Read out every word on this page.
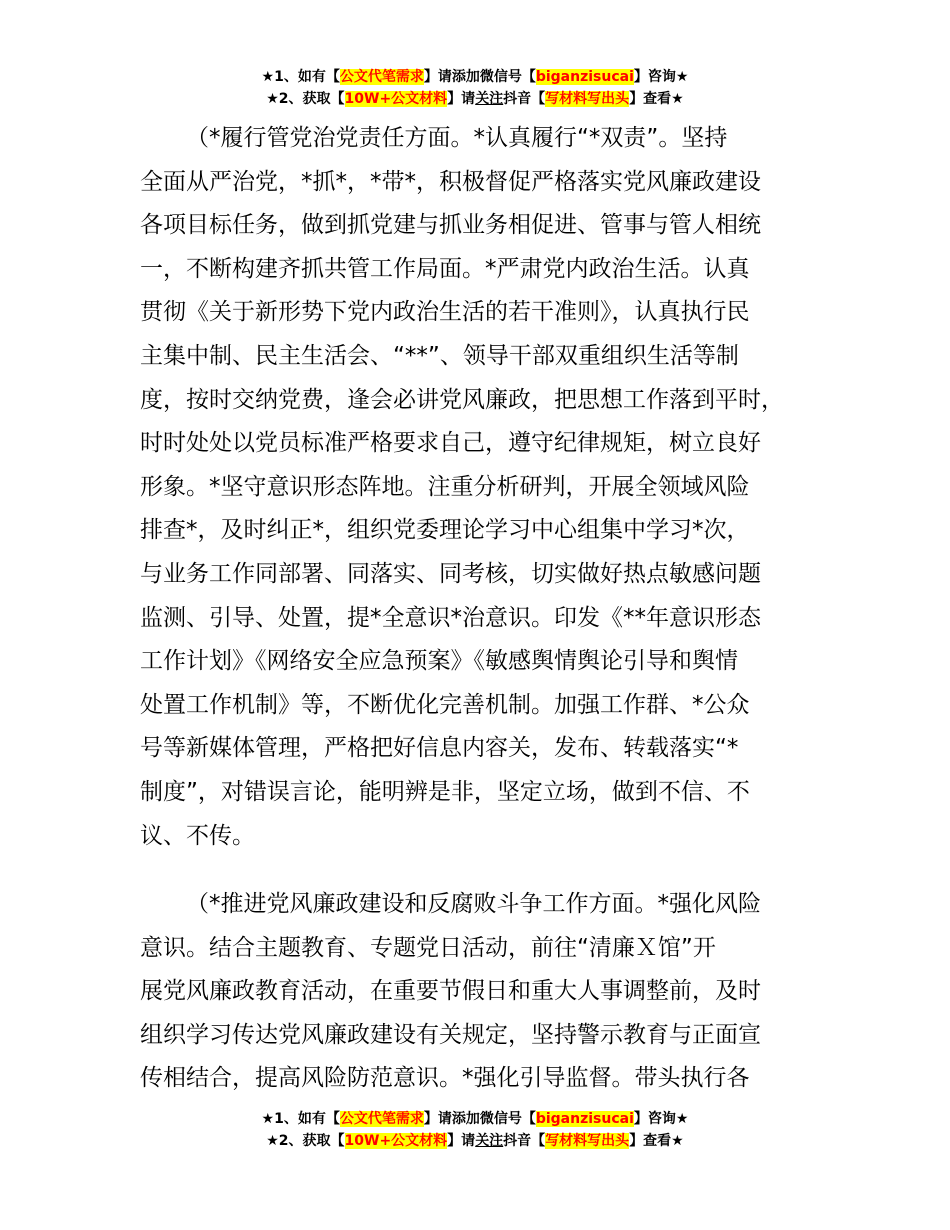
★1、如有【公文代笔需求】请添加微信号【biganzisucai】咨询★
★2、获取【10W+公文材料】请关注抖音【写材料写出头】查看★
（*履行管党治党责任方面。*认真履行“*双责”。坚持
全面从严治党，*抓*，*带*，积极督促严格落实党风廉政建设
各项目标任务，做到抓党建与抓业务相促进、管事与管人相统
一，不断构建齐抓共管工作局面。*严肃党内政治生活。认真
贯彻《关于新形势下党内政治生活的若干准则》，认真执行民
主集中制、民主生活会、“**”、领导干部双重组织生活等制
度，按时交纳党费，逢会必讲党风廉政，把思想工作落到平时，
时时处处以党员标准严格要求自己，遵守纪律规矩，树立良好
形象。*坚守意识形态阵地。注重分析研判，开展全领域风险
排查*，及时纠正*，组织党委理论学习中心组集中学习*次，
与业务工作同部署、同落实、同考核，切实做好热点敏感问题
监测、引导、处置，提*全意识*治意识。印发《**年意识形态
工作计划》《网络安全应急预案》《敏感舆情舆论引导和舆情
处置工作机制》等，不断优化完善机制。加强工作群、*公众
号等新媒体管理，严格把好信息内容关，发布、转载落实“*
制度”，对错误言论，能明辨是非，坚定立场，做到不信、不
议、不传。
（*推进党风廉政建设和反腐败斗争工作方面。*强化风险
意识。结合主题教育、专题党日活动，前往“清廉Ｘ馆”开
展党风廉政教育活动，在重要节假日和重大人事调整前，及时
组织学习传达党风廉政建设有关规定，坚持警示教育与正面宣
传相结合，提高风险防范意识。*强化引导监督。带头执行各
★1、如有【公文代笔需求】请添加微信号【biganzisucai】咨询★
★2、获取【10W+公文材料】请关注抖音【写材料写出头】查看★
